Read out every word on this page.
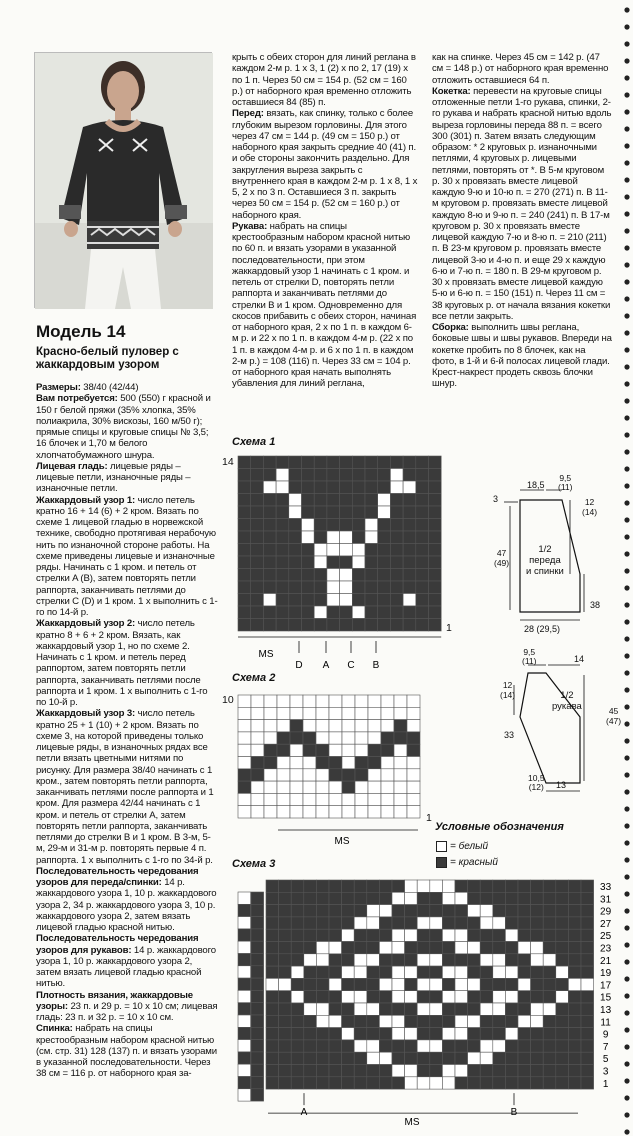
Модель 14
Красно-белый пуловер с жаккардовым узором

Размеры: 38/40 (42/44)

Вам потребуется: 500 (550) г красной и 150 г белой пряжи (35% хлопка, 35% полиакрила, 30% вискозы, 160 м/50 г); прямые спицы и круговые спицы № 3,5; 16 блочек и 1,70 м белого хлопчатобумажного шнура.

Лицевая гладь: лицевые ряды – лицевые петли, изнаночные ряды – изнаночные петли.

Жаккардовый узор 1: число петель кратно 16 + 14 (6) + 2 кром. Вязать по схеме 1 лицевой гладью в норвежской технике, свободно протягивая нерабочую нить по изнаночной стороне работы. На схеме приведены лицевые и изнаночные ряды. Начинать с 1 кром. и петель от стрелки A (B), затем повторять петли раппорта, заканчивать петлями до стрелки C (D) и 1 кром. 1 х выполнить с 1-го по 14-й р.

Жаккардовый узор 2: число петель кратно 8 + 6 + 2 кром. Вязать, как жаккардовый узор 1, но по схеме 2. Начинать с 1 кром. и петель перед раппортом, затем повторять петли раппорта, заканчивать петлями после раппорта и 1 кром. 1 х выполнить с 1-го по 10-й р.

Жаккардовый узор 3: число петель кратно 25 + 1 (10) + 2 кром. Вязать по схеме 3, на которой приведены только лицевые ряды, в изнаночных рядах все петли вязать цветными нитями по рисунку. Для размера 38/40 начинать с 1 кром., затем повторять петли раппорта, заканчивать петлями после раппорта и 1 кром. Для размера 42/44 начинать с 1 кром. и петель от стрелки A, затем повторять петли раппорта, заканчивать петлями до стрелки B и 1 кром. В 3-м, 5-м, 29-м и 31-м р. повторять первые 4 п. раппорта. 1 х выполнить с 1-го по 34-й р.

Последовательность чередования узоров для переда/спинки: 14 р. жаккардового узора 1, 10 р. жаккардового узора 2, 34 р. жаккардового узора 3, 10 р. жаккардового узора 2, затем вязать лицевой гладью красной нитью.

Последовательность чередования узоров для рукавов: 14 р. жаккардового узора 1, 10 р. жаккардового узора 2, затем вязать лицевой гладью красной нитью.

Плотность вязания, жаккардовые узоры: 23 п. и 29 р. = 10 х 10 см; лицевая гладь: 23 п. и 32 р. = 10 х 10 см.

Спинка: набрать на спицы крестообразным набором красной нитью (см. стр. 31) 128 (137) п. и вязать узорами в указанной последовательности. Через 38 см = 116 р. от наборного края за-

крыть с обеих сторон для линий реглана в каждом 2-м р. 1 х 3, 1 (2) х по 2, 17 (19) х по 1 п. Через 50 см = 154 р. (52 см = 160 р.) от наборного края временно отложить оставшиеся 84 (85) п.

Перед: вязать, как спинку, только с более глубоким вырезом горловины. Для этого через 47 см = 144 р. (49 см = 150 р.) от наборного края закрыть средние 40 (41) п. и обе стороны закончить раздельно. Для закругления выреза закрыть с внутреннего края в каждом 2-м р. 1 х 8, 1 х 5, 2 х по 3 п. Оставшиеся 3 п. закрыть через 50 см = 154 р. (52 см = 160 р.) от наборного края.

Рукава: набрать на спицы крестообразным набором красной нитью по 60 п. и вязать узорами в указанной последовательности, при этом жаккардовый узор 1 начинать с 1 кром. и петель от стрелки D, повторять петли раппорта и заканчивать петлями до стрелки B и 1 кром. Одновременно для скосов прибавить с обеих сторон, начиная от наборного края, 2 х по 1 п. в каждом 6-м р. и 22 х по 1 п. в каждом 4-м р. (22 х по 1 п. в каждом 4-м р. и 6 х по 1 п. в каждом 2-м р.) = 108 (116) п. Через 33 см = 104 р. от наборного края начать выполнять убавления для линий реглана,

как на спинке. Через 45 см = 142 р. (47 см = 148 р.) от наборного края временно отложить оставшиеся 64 п.

Кокетка: перевести на круговые спицы отложенные петли 1-го рукава, спинки, 2-го рукава и набрать красной нитью вдоль выреза горловины переда 88 п. = всего 300 (301) п. Затем вязать следующим образом: * 2 круговых р. изнаночными петлями, 4 круговых р. лицевыми петлями, повторять от *. В 5-м круговом р. 30 х провязать вместе лицевой каждую 9-ю и 10-ю п. = 270 (271) п. В 11-м круговом р. провязать вместе лицевой каждую 8-ю и 9-ю п. = 240 (241) п. В 17-м круговом р. 30 х провязать вместе лицевой каждую 7-ю и 8-ю п. = 210 (211) п. В 23-м круговом р. провязать вместе лицевой 3-ю и 4-ю п. и еще 29 х каждую 6-ю и 7-ю п. = 180 п. В 29-м круговом р. 30 х провязать вместе лицевой каждую 5-ю и 6-ю п. = 150 (151) п. Через 11 см = 38 круговых р. от начала вязания кокетки все петли закрыть.

Сборка: выполнить швы реглана, боковые швы и швы рукавов. Впереди на кокетке пробить по 8 блочек, как на фото, в 1-й и 6-й полосах лицевой глади. Крест-накрест продеть сквозь блочки шнур.

Схема 1
14
1
MS
D A C B
Схема 2
10
1
MS
Схема 3
33
31
29
27
25
23
21
19
17
15
13
11
9
7
5
3
1
MS
A	B
1/2
переда
и спинки
18,5
9,5
(11)
12
(14)
47
(49)
38
28 (29,5)
3
1/2
рукава
9,5
(11)	14
12
(14)
45
(47)
33
10,5
(12) 13
Условные обозначения
= белый
= красный
